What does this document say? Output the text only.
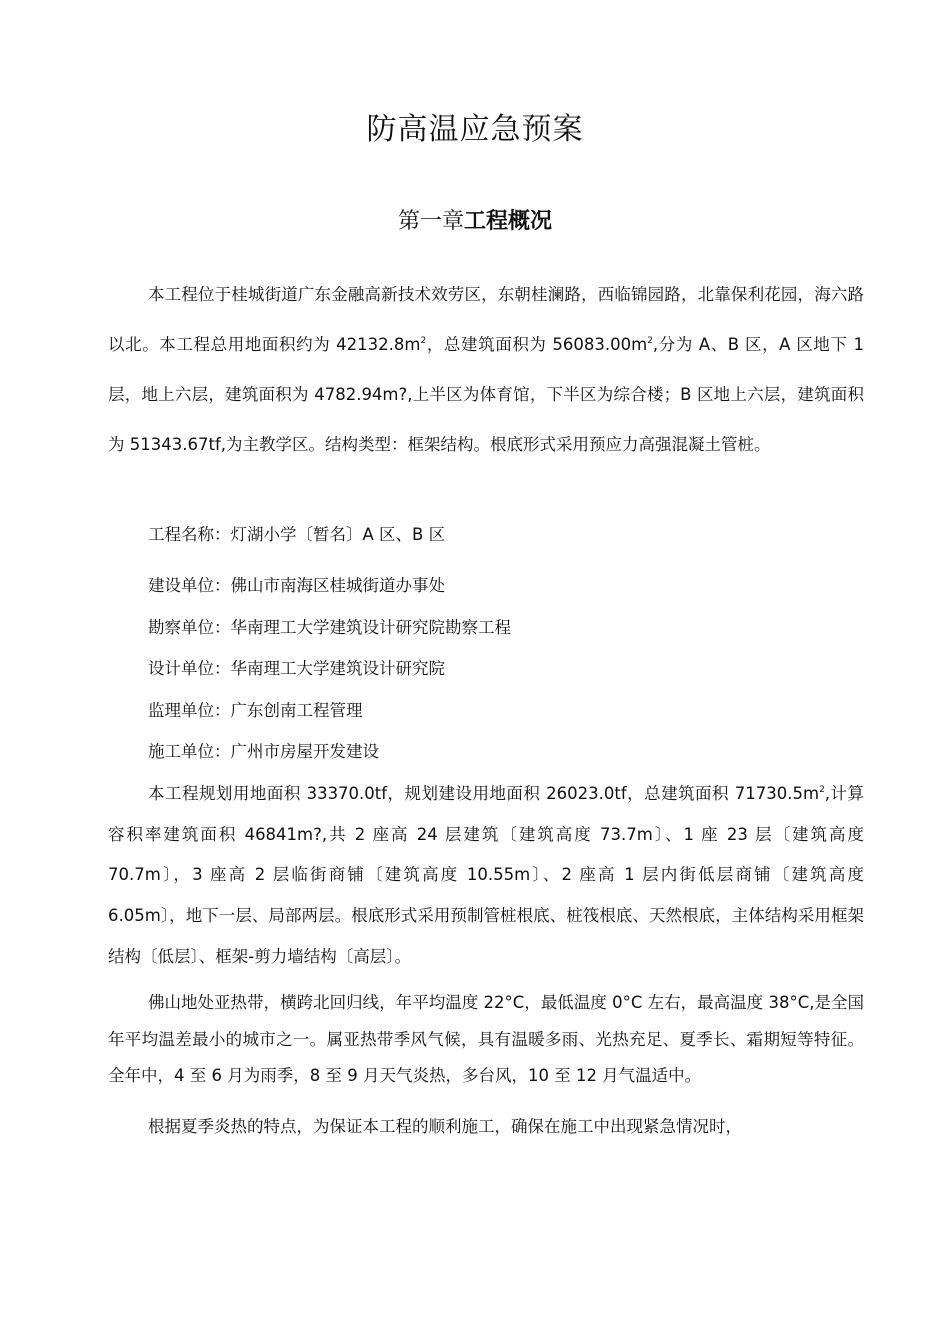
防高温应急预案
第一章工程概况

本工程位于桂城街道广东金融高新技术效劳区，东朝桂澜路，西临锦园路，北靠保利花园，海六路以北。本工程总用地面积约为 $42132.8m^2$，总建筑面积为 $56083.00m^2$,分为 A、B 区，A 区地下 1 层，地上六层，建筑面积为 4782.94m?,上半区为体育馆，下半区为综合楼；B 区地上六层，建筑面积为 51343.67tf,为主教学区。结构类型：框架结构。根底形式采用预应力高强混凝土管桩。

工程名称：灯湖小学〔暂名〕A 区、B 区
建设单位：佛山市南海区桂城街道办事处
勘察单位：华南理工大学建筑设计研究院勘察工程
设计单位：华南理工大学建筑设计研究院
监理单位：广东创南工程管理
施工单位：广州市房屋开发建设

本工程规划用地面积 33370.0tf，规划建设用地面积 26023.0tf，总建筑面积 $71730.5m^2$,计算容积率建筑面积 46841m?,共 2 座高 24 层建筑〔建筑高度 73.7m〕、1 座 23 层〔建筑高度 70.7m〕，3 座高 2 层临街商铺〔建筑高度 10.55m〕、2 座高 1 层内街低层商铺〔建筑高度 6.05m〕，地下一层、局部两层。根底形式采用预制管桩根底、桩筏根底、天然根底，主体结构采用框架结构〔低层〕、框架-剪力墙结构〔高层〕。

佛山地处亚热带，横跨北回归线，年平均温度 22°C，最低温度 0°C 左右，最高温度 38°C,是全国年平均温差最小的城市之一。属亚热带季风气候，具有温暖多雨、光热充足、夏季长、霜期短等特征。全年中，4 至 6 月为雨季，8 至 9 月天气炎热，多台风，10 至 12 月气温适中。

根据夏季炎热的特点，为保证本工程的顺利施工，确保在施工中出现紧急情况时，
